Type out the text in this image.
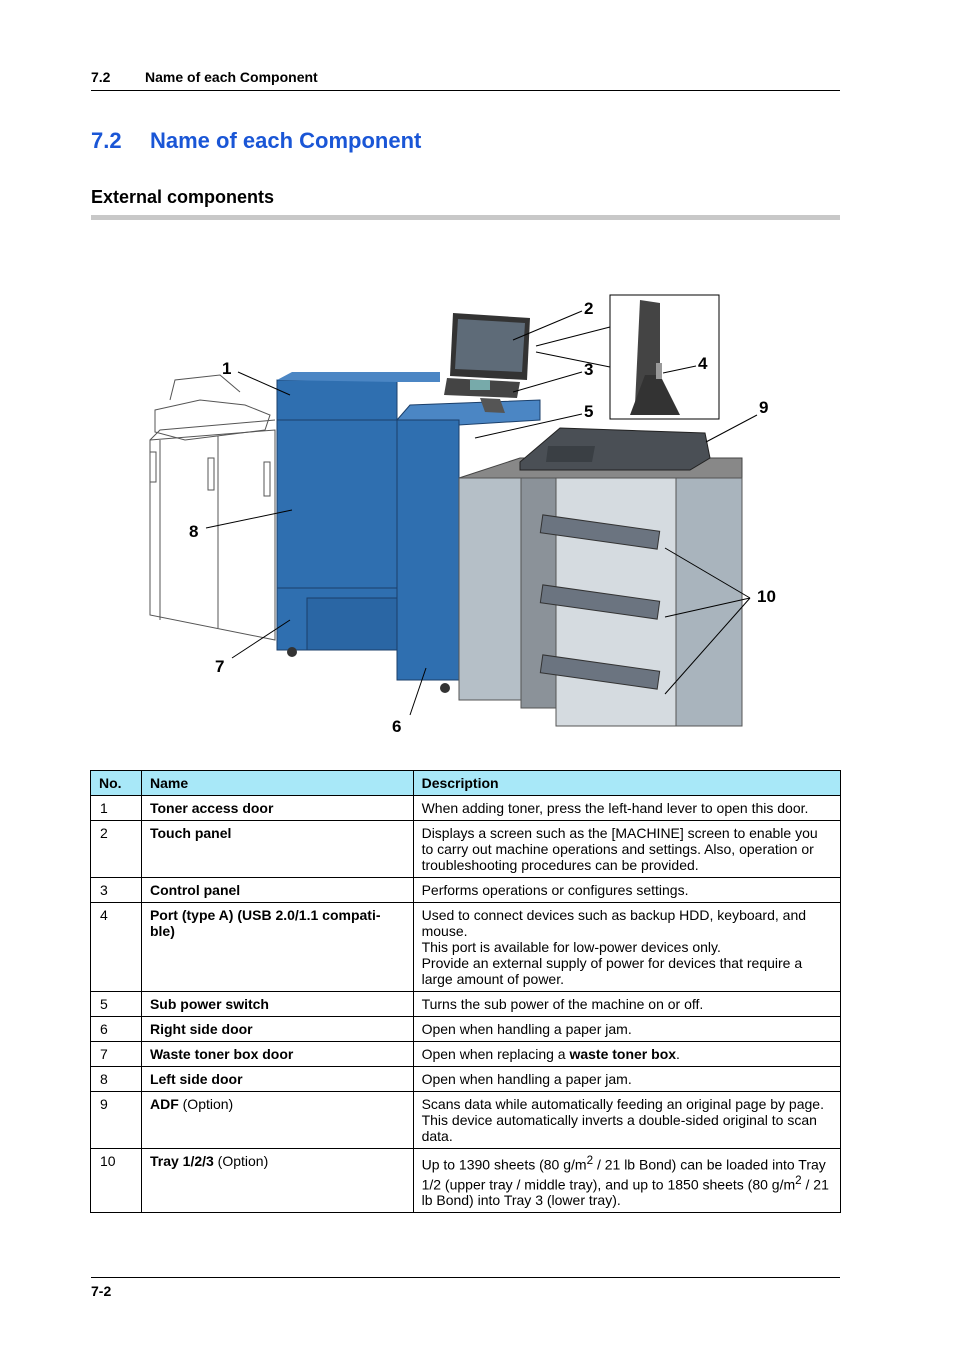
7.2 Name of each Component
7.2 Name of each Component
External components
1
2
3	4
5
6
7
8
9
10
No.	Name	Description
1	Toner access door	When adding toner, press the left-hand lever to open this door.
2	Touch panel	Displays a screen such as the [MACHINE] screen to enable you to carry out machine operations and settings. Also, operation or troubleshooting procedures can be provided.
3	Control panel	Performs operations or configures settings.
4	Port (type A) (USB 2.0/1.1 compati-ble)	Used to connect devices such as backup HDD, keyboard, and mouse.
This port is available for low-power devices only.
Provide an external supply of power for devices that require a large amount of power.
5	Sub power switch	Turns the sub power of the machine on or off.
6	Right side door	Open when handling a paper jam.
7	Waste toner box door	Open when replacing a waste toner box.
8	Left side door	Open when handling a paper jam.
9	ADF (Option)	Scans data while automatically feeding an original page by page. This device automatically inverts a double-sided original to scan data.
10	Tray 1/2/3 (Option)	Up to 1390 sheets (80 $g/m^2 / 21$ lb Bond) can be loaded into Tray 1/2 (upper tray / middle tray), and up to 1850 sheets (80 $g/m^2 / 21$ lb Bond) into Tray 3 (lower tray).
7-2
